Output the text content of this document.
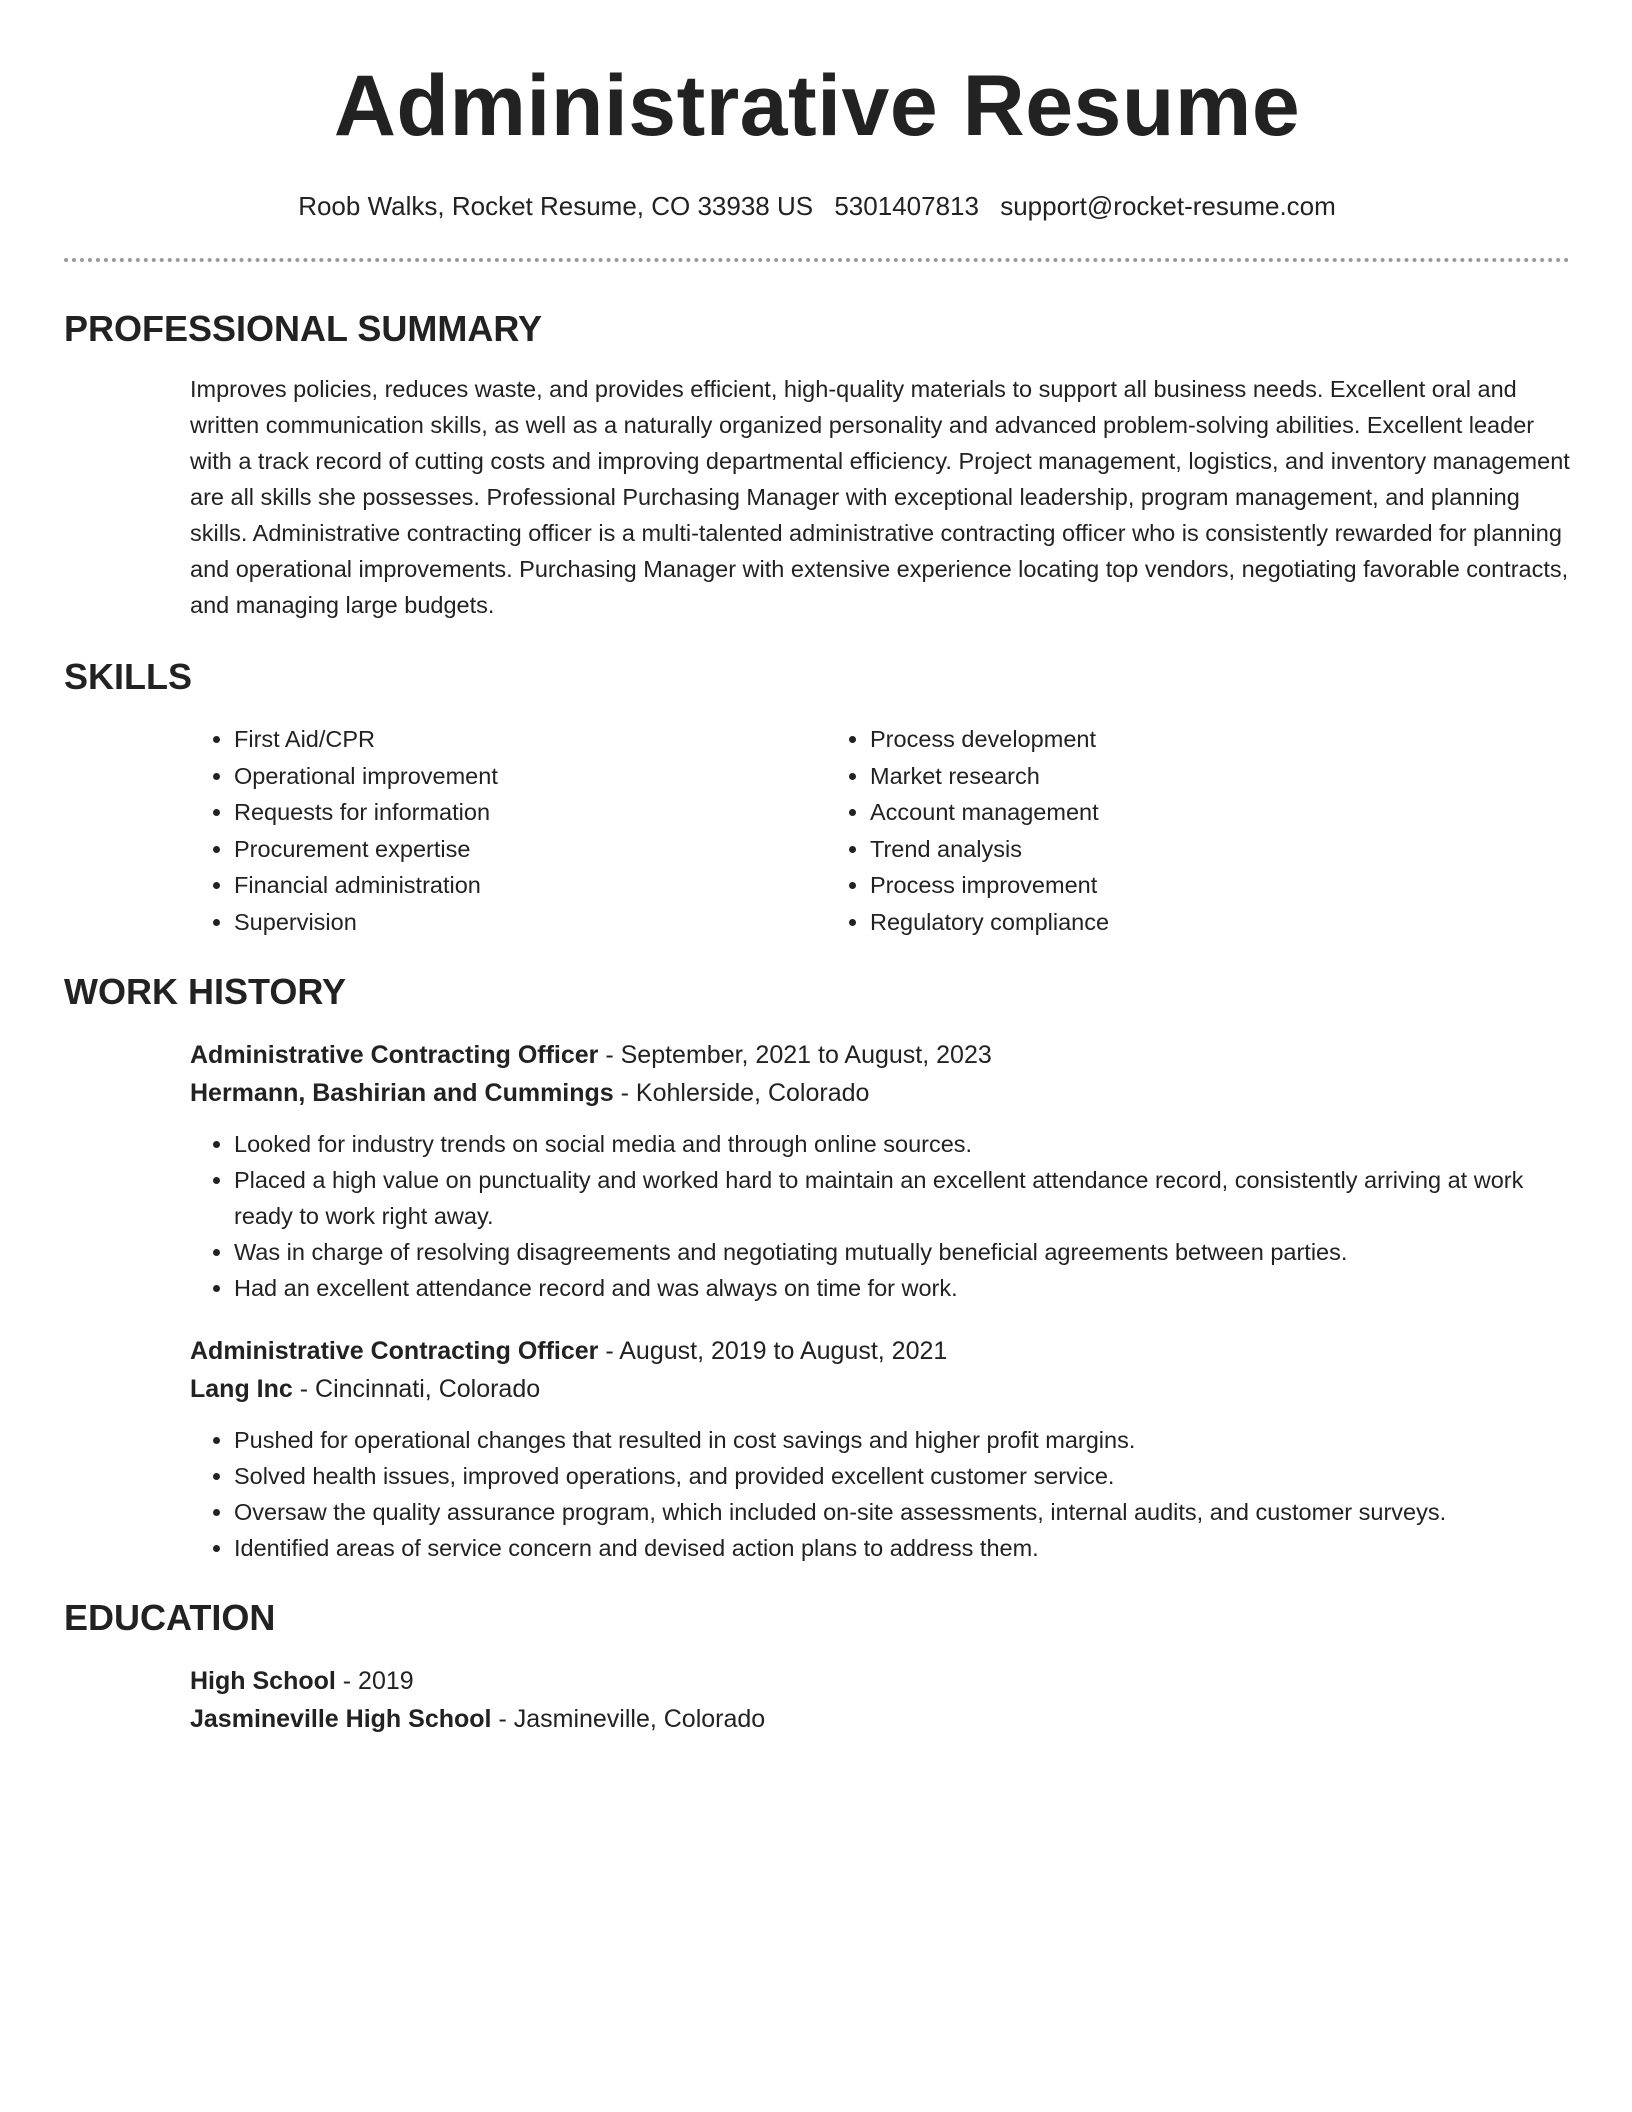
Administrative Resume
Roob Walks, Rocket Resume, CO 33938 US 5301407813 support@rocket-resume.com
PROFESSIONAL SUMMARY

Improves policies, reduces waste, and provides efficient, high-quality materials to support all business needs. Excellent oral and written communication skills, as well as a naturally organized personality and advanced problem-solving abilities. Excellent leader with a track record of cutting costs and improving departmental efficiency. Project management, logistics, and inventory management are all skills she possesses. Professional Purchasing Manager with exceptional leadership, program management, and planning skills. Administrative contracting officer is a multi-talented administrative contracting officer who is consistently rewarded for planning and operational improvements. Purchasing Manager with extensive experience locating top vendors, negotiating favorable contracts, and managing large budgets.

SKILLS
• First Aid/CPR
• Operational improvement
• Requests for information
• Procurement expertise
• Financial administration
• Supervision
• Process development
• Market research
• Account management
• Trend analysis
• Process improvement
• Regulatory compliance
WORK HISTORY
Administrative Contracting Officer - September, 2021 to August, 2023
Hermann, Bashirian and Cummings - Kohlerside, Colorado
• Looked for industry trends on social media and through online sources.
• Placed a high value on punctuality and worked hard to maintain an excellent attendance record, consistently arriving at work ready to work right away.
• Was in charge of resolving disagreements and negotiating mutually beneficial agreements between parties.
• Had an excellent attendance record and was always on time for work.
Administrative Contracting Officer - August, 2019 to August, 2021
Lang Inc - Cincinnati, Colorado
• Pushed for operational changes that resulted in cost savings and higher profit margins.
• Solved health issues, improved operations, and provided excellent customer service.
• Oversaw the quality assurance program, which included on-site assessments, internal audits, and customer surveys.
• Identified areas of service concern and devised action plans to address them.
EDUCATION
High School - 2019
Jasmineville High School - Jasmineville, Colorado
